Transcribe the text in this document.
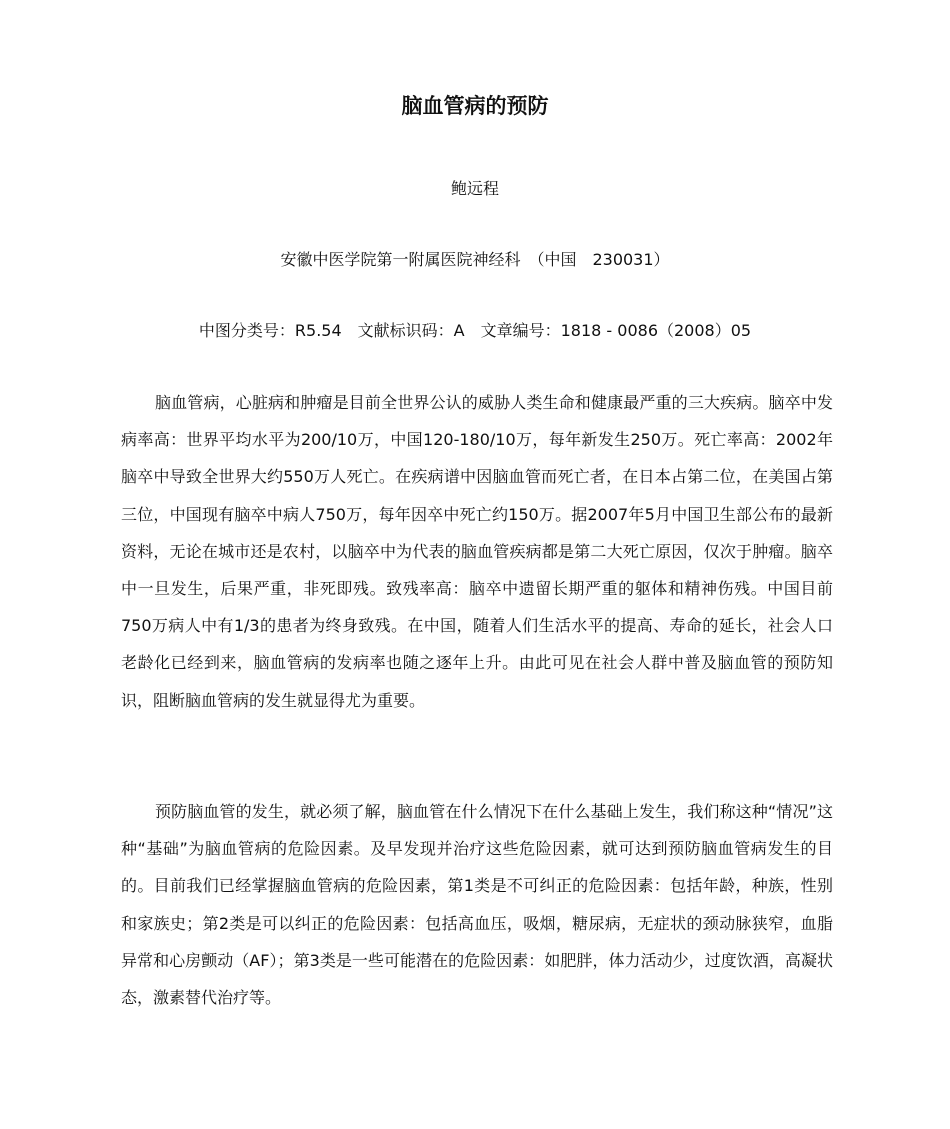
脑血管病的预防

鲍远程

安徽中医学院第一附属医院神经科　（中国　230031）

中图分类号：R5.54　文献标识码：A　文章编号：1818 - 0086（2008）05

脑血管病，心脏病和肿瘤是目前全世界公认的威胁人类生命和健康最严重的三大疾病。脑卒中发病率高：世界平均水平为200/10万，中国120-180/10万，每年新发生250万。死亡率高：2002年脑卒中导致全世界大约550万人死亡。在疾病谱中因脑血管而死亡者，在日本占第二位，在美国占第三位，中国现有脑卒中病人750万，每年因卒中死亡约150万。据2007年5月中国卫生部公布的最新资料，无论在城市还是农村，以脑卒中为代表的脑血管疾病都是第二大死亡原因，仅次于肿瘤。脑卒中一旦发生，后果严重，非死即残。致残率高：脑卒中遗留长期严重的躯体和精神伤残。中国目前750万病人中有1/3的患者为终身致残。在中国，随着人们生活水平的提高、寿命的延长，社会人口老龄化已经到来，脑血管病的发病率也随之逐年上升。由此可见在社会人群中普及脑血管的预防知识，阻断脑血管病的发生就显得尤为重要。

预防脑血管的发生，就必须了解，脑血管在什么情况下在什么基础上发生，我们称这种“情况”这种“基础”为脑血管病的危险因素。及早发现并治疗这些危险因素，就可达到预防脑血管病发生的目的。目前我们已经掌握脑血管病的危险因素，第1类是不可纠正的危险因素：包括年龄，种族，性别和家族史；第2类是可以纠正的危险因素：包括高血压，吸烟，糖尿病，无症状的颈动脉狭窄，血脂异常和心房颤动（AF）；第3类是一些可能潜在的危险因素：如肥胖，体力活动少，过度饮酒，高凝状态，激素替代治疗等。
